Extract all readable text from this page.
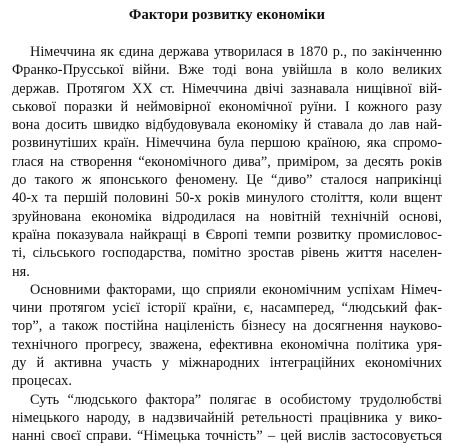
Фактори розвитку економіки
Німеччина як єдина держава утворилася в 1870 р., по закінченню
Франко-Прусської війни. Вже тоді вона увійшла в коло великих
держав. Протягом XX ст. Німеччина двічі зазнавала нищівної вій-
ськової поразки й неймовірної економічної руїни. І кожного разу
вона досить швидко відбудовувала економіку й ставала до лав най-
розвинутіших країн. Німеччина була першою країною, яка спромо-
глася на створення “економічного дива”, приміром, за десять років
до такого ж японського феномену. Це “диво” сталося наприкінці
40-х та першій половині 50-х років минулого століття, коли вщент
зруйнована економіка відродилася на новітній технічній основі,
країна показувала найкращі в Європі темпи розвитку промисловос-
ті, сільського господарства, помітно зростав рівень життя населен-
ня.
Основними факторами, що сприяли економічним успіхам Німеч-
чини протягом усієї історії країни, є, насамперед, “людський фак-
тор”, а також постійна націленість бізнесу на досягнення науково-
технічного прогресу, зважена, ефективна економічна політика уря-
ду й активна участь у міжнародних інтеграційних економічних
процесах.
Суть “людського фактора” полягає в особистому трудолюбстві
німецького народу, в надзвичайній ретельності працівника у вико-
нанні своєї справи. “Німецька точність” – цей вислів застосовується
